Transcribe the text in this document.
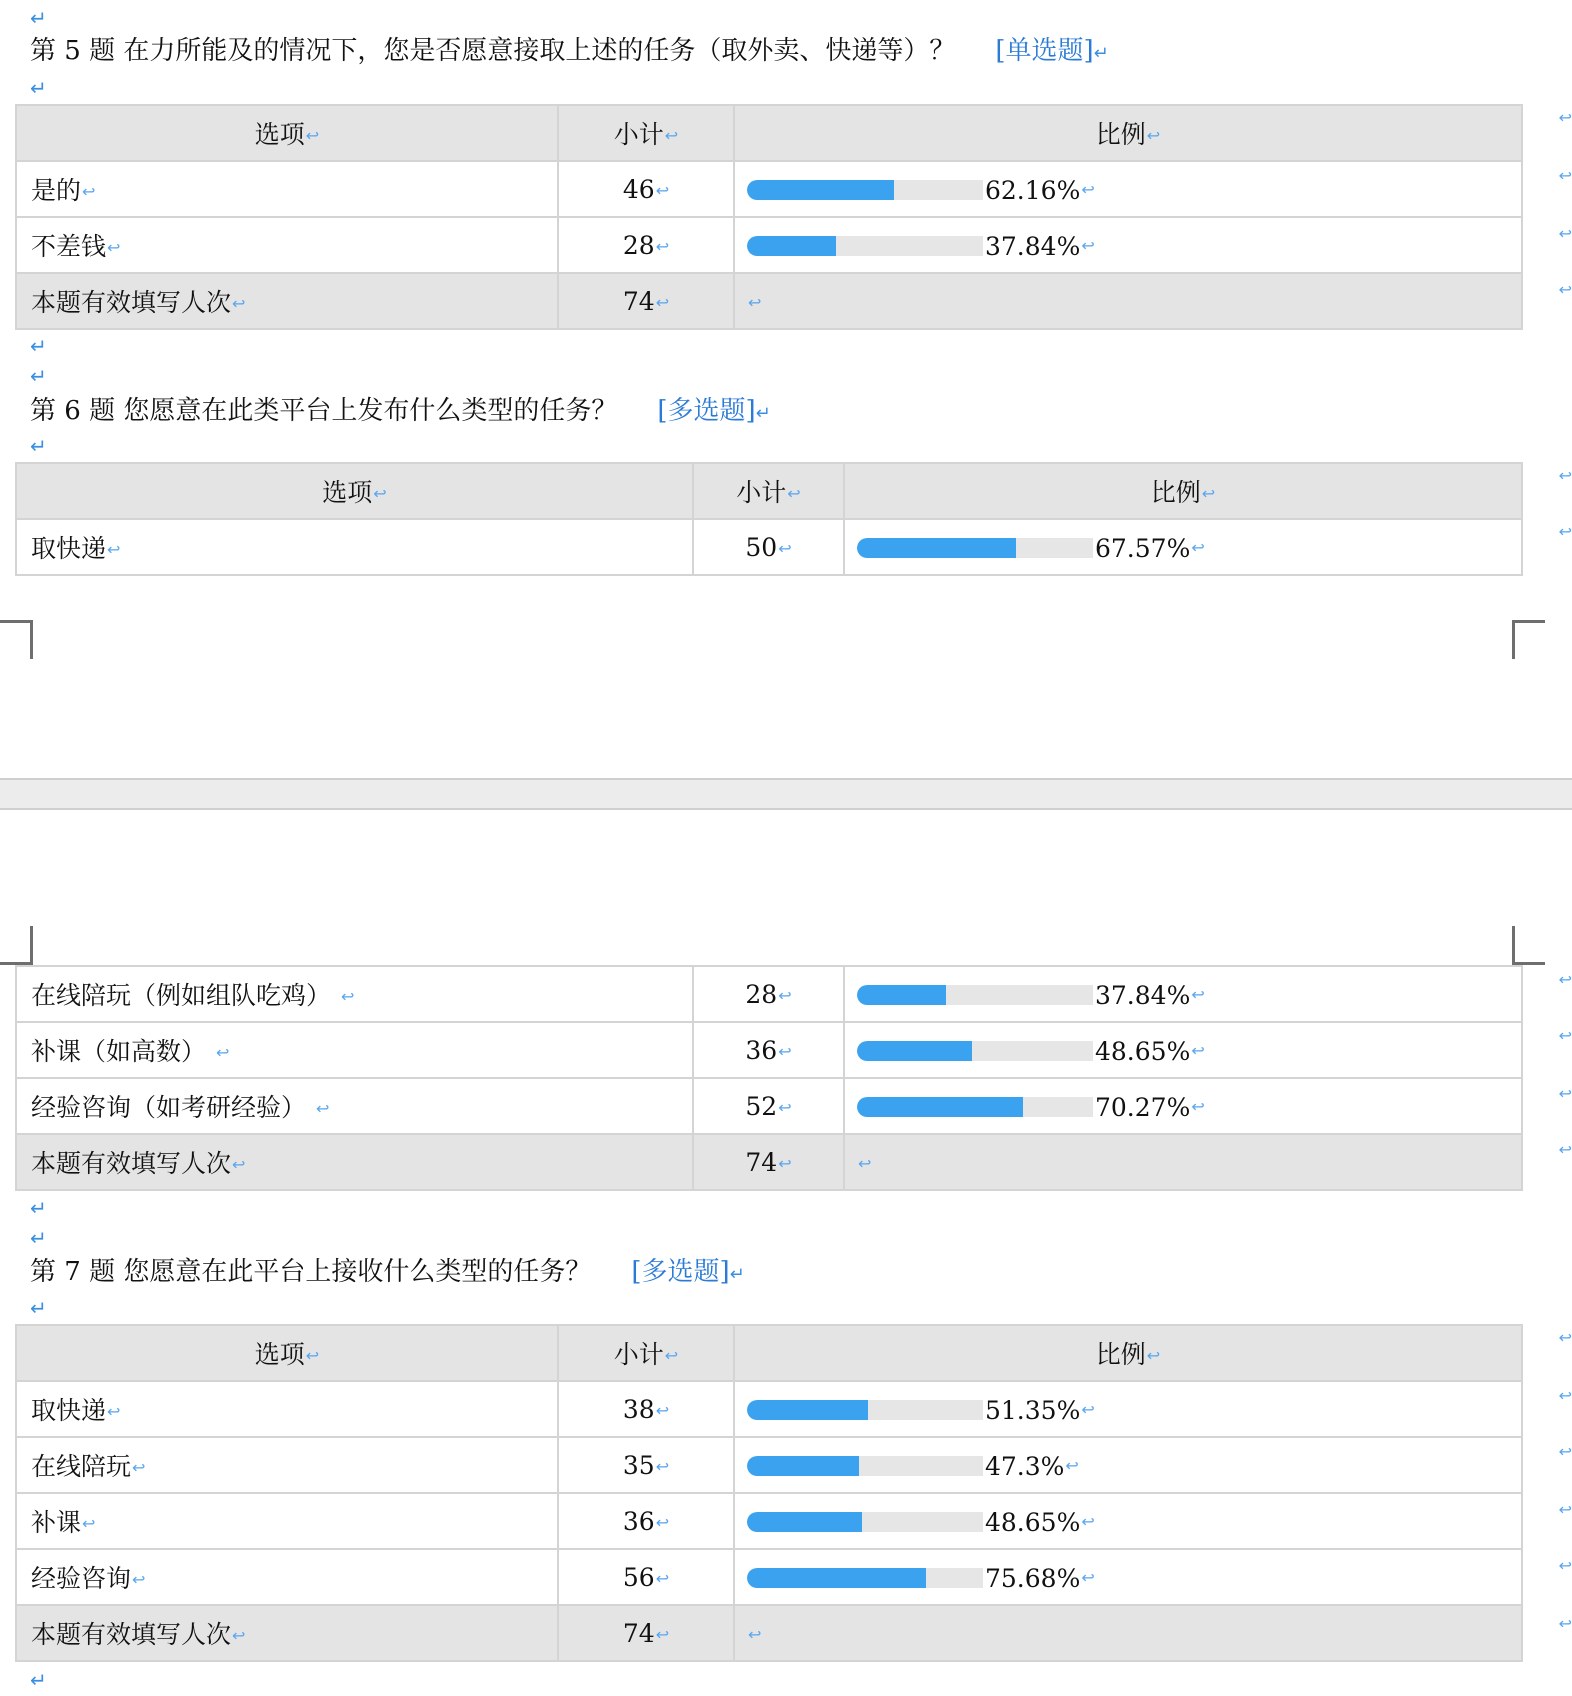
↵
第 5 题 在力所能及的情况下，您是否愿意接取上述的任务（取外卖、快递等）？ [单选题]↵
↵
选项↩	小计↩	比例↩
是的↩	46↩	62.16%↩
不差钱↩	28↩	37.84%↩
本题有效填写人次↩	74↩	↩
↩
↩
↩
↩
↵
↵
第 6 题 您愿意在此类平台上发布什么类型的任务？ [多选题]↵
↵
选项↩	小计↩	比例↩
取快递↩	50↩	67.57%↩
↩
↩
在线陪玩（例如组队吃鸡） ↩	28↩	37.84%↩
补课（如高数） ↩	36↩	48.65%↩
经验咨询（如考研经验） ↩	52↩	70.27%↩
本题有效填写人次↩	74↩	↩
↩
↩
↩
↩
↵
↵
第 7 题 您愿意在此平台上接收什么类型的任务？ [多选题]↵
↵
选项↩	小计↩	比例↩
取快递↩	38↩	51.35%↩
在线陪玩↩	35↩	47.3%↩
补课↩	36↩	48.65%↩
经验咨询↩	56↩	75.68%↩
本题有效填写人次↩	74↩	↩
↩
↩
↩
↩
↩
↩
↵
